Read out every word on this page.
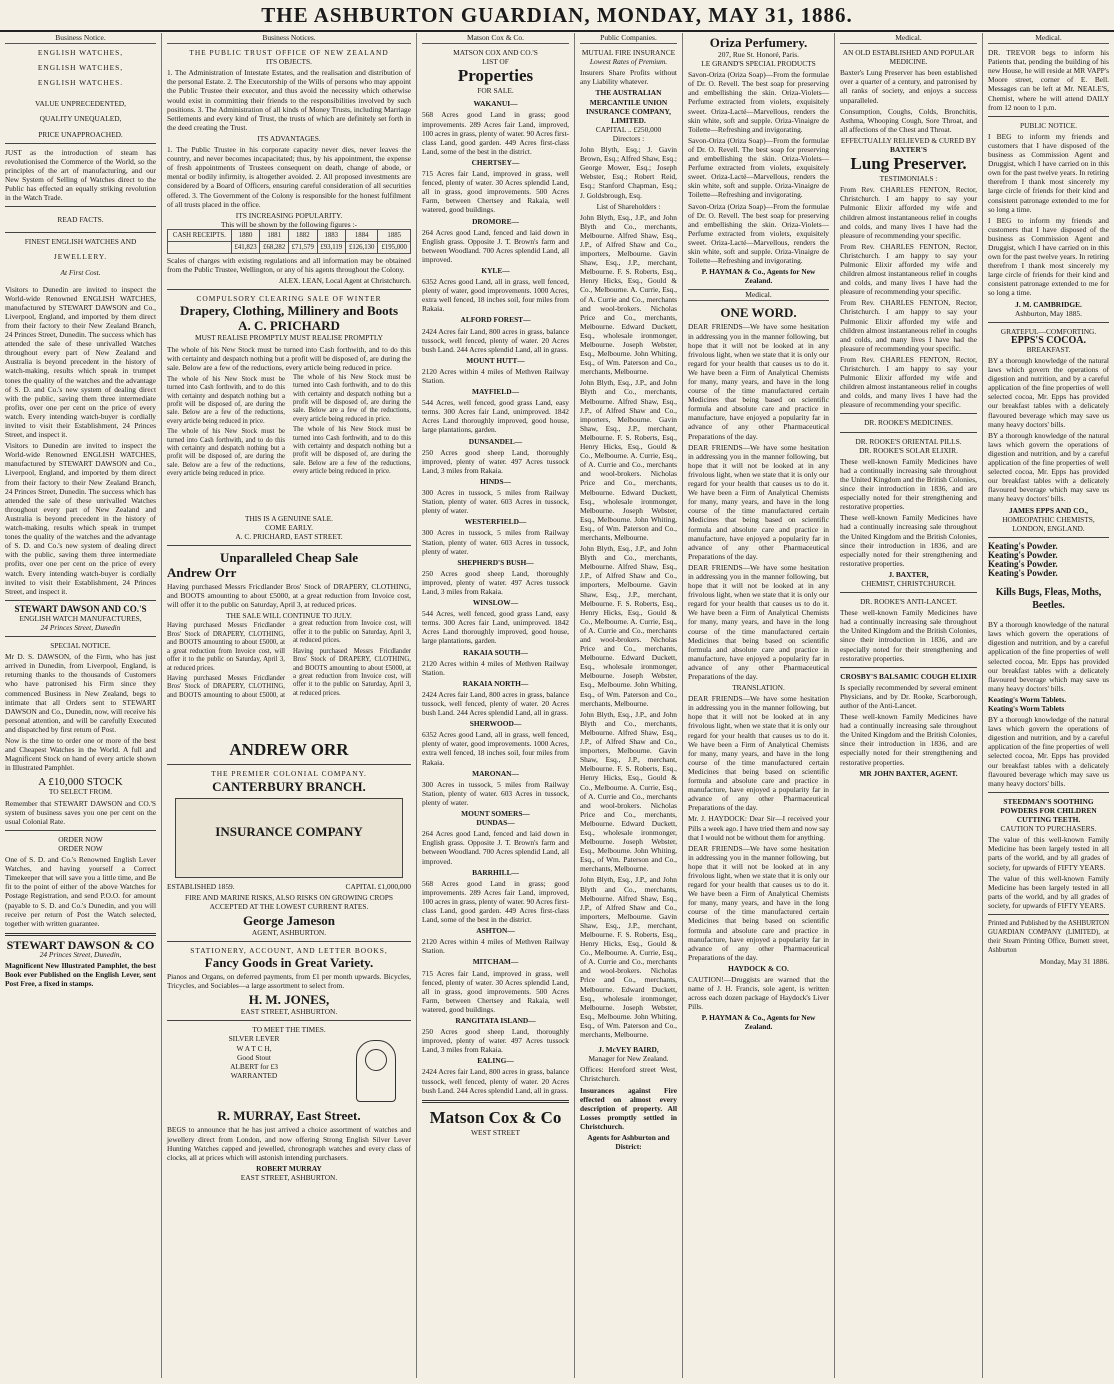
THE ASHBURTON GUARDIAN, MONDAY, MAY 31, 1886.
Business Notice.
ENGLISH WATCHES,
ENGLISH WATCHES,
ENGLISH WATCHES.
VALUE UNPRECEDENTED,
QUALITY UNEQUALED,
PRICE UNAPPROACHED.

JUST as the introduction of steam has revolutionised the Commerce of the World, so the principles of the art of manufacturing, and our New System of Selling of Watches direct to the Public has effected an equally striking revolution in the Watch Trade.

READ FACTS.
FINEST ENGLISH WATCHES AND
JEWELLERY.
At First Cost.

Visitors to Dunedin are invited to inspect the World-wide Renowned ENGLISH WATCHES, manufactured by STEWART DAWSON and Co., Liverpool, England, and imported by them direct from their factory to their New Zealand Branch, 24 Princes Street, Dunedin. The success which has attended the sale of these unrivalled Watches throughout every part of New Zealand and Australia is beyond precedent in the history of watch-making, results which speak in trumpet tones the quality of the watches and the advantage of S. D. and Co.'s new system of dealing direct with the public, saving them three intermediate profits, over one per cent on the price of every watch. Every intending watch-buyer is cordially invited to visit their Establishment, 24 Princes Street, and inspect it.

Visitors to Dunedin are invited to inspect the World-wide Renowned ENGLISH WATCHES, manufactured by STEWART DAWSON and Co., Liverpool, England, and imported by them direct from their factory to their New Zealand Branch, 24 Princes Street, Dunedin. The success which has attended the sale of these unrivalled Watches throughout every part of New Zealand and Australia is beyond precedent in the history of watch-making, results which speak in trumpet tones the quality of the watches and the advantage of S. D. and Co.'s new system of dealing direct with the public, saving them three intermediate profits, over one per cent on the price of every watch. Every intending watch-buyer is cordially invited to visit their Establishment, 24 Princes Street, and inspect it.

STEWART DAWSON AND CO.'S
ENGLISH WATCH MANUFACTURES,
24 Princes Street, Dunedin
SPECIAL NOTICE.

Mr D. S. DAWSON, of the Firm, who has just arrived in Dunedin, from Liverpool, England, is returning thanks to the thousands of Customers who have patronised his Firm since they commenced Business in New Zealand, begs to intimate that all Orders sent to STEWART DAWSON and Co., Dunedin, now, will receive his personal attention, and will be carefully Executed and dispatched by first return of Post.

Now is the time to order one or more of the best and Cheapest Watches in the World. A full and Magnificent Stock on hand of every article shown in Illustrated Pamphlet.

A £10,000 STOCK
TO SELECT FROM.

Remember that STEWART DAWSON and CO.'S system of business saves you one per cent on the usual Colonial Rate.

ORDER NOW
ORDER NOW

One of S. D. and Co.'s Renowned English Lever Watches, and having yourself a Correct Timekeeper that will save you a little time, and Be fit to the point of either of the above Watches for Postage Registration, and send P.O.O. for amount (payable to S. D. and Co.'s Dunedin, and you will receive per return of Post the Watch selected, together with written guarantee.

STEWART DAWSON & CO
24 Princes Street, Dunedin,

Magnificent New Illustrated Pamphlet, the best Book ever Published on the English Lever, sent Post Free, a fixed in stamps.

Business Notices.
THE PUBLIC TRUST OFFICE OF NEW ZEALAND
ITS OBJECTS.

1. The Administration of Intestate Estates, and the realisation and distribution of the personal Estate. 2. The Executorship of the Wills of persons who may appoint the Public Trustee their executor, and thus avoid the necessity which otherwise would exist in committing their friends to the responsibilities involved by such positions. 3. The Administration of all kinds of Money Trusts, including Marriage Settlements and every kind of Trust, the trusts of which are definitely set forth in the deed creating the Trust.

ITS ADVANTAGES.

1. The Public Trustee in his corporate capacity never dies, never leaves the country, and never becomes incapacitated; thus, by his appointment, the expense of fresh appointments of Trustees consequent on death, change of abode, or mental or bodily infirmity, is altogether avoided. 2. All proposed investments are considered by a Board of Officers, ensuring careful consideration of all securities offered. 3. The Government of the Colony is responsible for the honest fulfilment of all trusts placed in the office.

ITS INCREASING POPULARITY.
This will be shown by the following figures :-
CASH RECEIPTS.	1880	1881	1882	1883	1884	1885
	£41,823	£68,282	£71,579	£93,119	£126,130	£195,000

Scales of charges with existing regulations and all information may be obtained from the Public Trustee, Wellington, or any of his agents throughout the Colony.

ALEX. LEAN, Local Agent at Christchurch.
COMPULSORY CLEARING SALE OF WINTER
Drapery, Clothing, Millinery and Boots
A. C. PRICHARD
MUST REALISE PROMPTLY MUST REALISE PROMPTLY

The whole of his New Stock must be turned into Cash forthwith, and to do this with certainty and despatch nothing but a profit will be disposed of, are during the sale. Below are a few of the reductions, every article being reduced in price.

The whole of his New Stock must be turned into Cash forthwith, and to do this with certainty and despatch nothing but a profit will be disposed of, are during the sale. Below are a few of the reductions, every article being reduced in price.

The whole of his New Stock must be turned into Cash forthwith, and to do this with certainty and despatch nothing but a profit will be disposed of, are during the sale. Below are a few of the reductions, every article being reduced in price.

The whole of his New Stock must be turned into Cash forthwith, and to do this with certainty and despatch nothing but a profit will be disposed of, are during the sale. Below are a few of the reductions, every article being reduced in price.

The whole of his New Stock must be turned into Cash forthwith, and to do this with certainty and despatch nothing but a profit will be disposed of, are during the sale. Below are a few of the reductions, every article being reduced in price.

THIS IS A GENUINE SALE.
COME EARLY.
A. C. PRICHARD, EAST STREET.
Unparalleled Cheap Sale
Andrew Orr

Having purchased Messrs Fricdlander Bros' Stock of DRAPERY, CLOTHING, and BOOTS amounting to about £5000, at a great reduction from Invoice cost, will offer it to the public on Saturday, April 3, at reduced prices.

THE SALE WILL CONTINUE TO JULY.

Having purchased Messrs Fricdlander Bros' Stock of DRAPERY, CLOTHING, and BOOTS amounting to about £5000, at a great reduction from Invoice cost, will offer it to the public on Saturday, April 3, at reduced prices.

Having purchased Messrs Fricdlander Bros' Stock of DRAPERY, CLOTHING, and BOOTS amounting to about £5000, at a great reduction from Invoice cost, will offer it to the public on Saturday, April 3, at reduced prices.

Having purchased Messrs Fricdlander Bros' Stock of DRAPERY, CLOTHING, and BOOTS amounting to about £5000, at a great reduction from Invoice cost, will offer it to the public on Saturday, April 3, at reduced prices.

ANDREW ORR
THE PREMIER COLONIAL COMPANY.
CANTERBURY BRANCH.
INSURANCE COMPANY
ESTABLISHED 1859.	CAPITAL £1,000,000

FIRE AND MARINE RISKS, ALSO RISKS ON GROWING CROPS ACCEPTED AT THE LOWEST CURRENT RATES.

George Jameson
AGENT, ASHBURTON.
STATIONERY, ACCOUNT, AND LETTER BOOKS,
Fancy Goods in Great Variety.

Pianos and Organs, on deferred payments, from £1 per month upwards. Bicycles, Tricycles, and Sociables—a large assortment to select from.

H. M. JONES,
EAST STREET, ASHBURTON.
TO MEET THE TIMES.
SILVER LEVER
W A T C H,
Good Stout
ALBERT for £3
WARRANTED
R. MURRAY, East Street.

BEGS to announce that he has just arrived a choice assortment of watches and jewellery direct from London, and now offering Strong English Silver Lever Hunting Watches capped and jewelled, chronograph watches and every class of clocks, all at prices which will astonish intending purchasers.

ROBERT MURRAY
EAST STREET, ASHBURTON.
Matson Cox & Co.
MATSON COX AND CO.'S
LIST OF
Properties
FOR SALE.
WAKANUI—

568 Acres good Land in grass; good improvements. 289 Acres fair Land, improved, 100 acres in grass, plenty of water. 90 Acres first-class Land, good garden. 449 Acres first-class Land, some of the best in the district.

CHERTSEY—

715 Acres fair Land, improved in grass, well fenced, plenty of water. 30 Acres splendid Land, all in grass, good improvements. 500 Acres Farm, between Chertsey and Rakaia, well watered, good buildings.

DROMORE—

264 Acres good Land, fenced and laid down in English grass. Opposite J. T. Brown's farm and between Woodland. 700 Acres splendid Land, all improved.

KYLE—

6352 Acres good Land, all in grass, well fenced, plenty of water, good improvements. 1000 Acres, extra well fenced, 18 inches soil, four miles from Rakaia.

ALFORD FOREST—

2424 Acres fair Land, 800 acres in grass, balance tussock, well fenced, plenty of water. 20 Acres bush Land. 244 Acres splendid Land, all in grass.

MOUNT HUTT—

2120 Acres within 4 miles of Methven Railway Station.

MAYFIELD—

544 Acres, well fenced, good grass Land, easy terms. 300 Acres fair Land, unimproved. 1842 Acres Land thoroughly improved, good house, large plantations, garden.

DUNSANDEL—

250 Acres good sheep Land, thoroughly improved, plenty of water. 497 Acres tussock Land, 3 miles from Rakaia.

HINDS—

300 Acres in tussock, 5 miles from Railway Station, plenty of water. 603 Acres in tussock, plenty of water.

WESTERFIELD—

300 Acres in tussock, 5 miles from Railway Station, plenty of water. 603 Acres in tussock, plenty of water.

SHEPHERD'S BUSH—

250 Acres good sheep Land, thoroughly improved, plenty of water. 497 Acres tussock Land, 3 miles from Rakaia.

WINSLOW—

544 Acres, well fenced, good grass Land, easy terms. 300 Acres fair Land, unimproved. 1842 Acres Land thoroughly improved, good house, large plantations, garden.

RAKAIA SOUTH—

2120 Acres within 4 miles of Methven Railway Station.

RAKAIA NORTH—

2424 Acres fair Land, 800 acres in grass, balance tussock, well fenced, plenty of water. 20 Acres bush Land. 244 Acres splendid Land, all in grass.

SHERWOOD—

6352 Acres good Land, all in grass, well fenced, plenty of water, good improvements. 1000 Acres, extra well fenced, 18 inches soil, four miles from Rakaia.

MARONAN—

300 Acres in tussock, 5 miles from Railway Station, plenty of water. 603 Acres in tussock, plenty of water.

MOUNT SOMERS—
DUNDAS—

264 Acres good Land, fenced and laid down in English grass. Opposite J. T. Brown's farm and between Woodland. 700 Acres splendid Land, all improved.

BARRHILL—

568 Acres good Land in grass; good improvements. 289 Acres fair Land, improved, 100 acres in grass, plenty of water. 90 Acres first-class Land, good garden. 449 Acres first-class Land, some of the best in the district.

ASHTON—

2120 Acres within 4 miles of Methven Railway Station.

MITCHAM—

715 Acres fair Land, improved in grass, well fenced, plenty of water. 30 Acres splendid Land, all in grass, good improvements. 500 Acres Farm, between Chertsey and Rakaia, well watered, good buildings.

RANGITATA ISLAND—

250 Acres good sheep Land, thoroughly improved, plenty of water. 497 Acres tussock Land, 3 miles from Rakaia.

EALING—

2424 Acres fair Land, 800 acres in grass, balance tussock, well fenced, plenty of water. 20 Acres bush Land. 244 Acres splendid Land, all in grass.

Matson Cox & Co
WEST STREET
Public Companies.
MUTUAL FIRE INSURANCE
Lowest Rates of Premium.

Insurers Share Profits without any Liability whatever.

THE AUSTRALIAN MERCANTILE UNION INSURANCE COMPANY, LIMITED.
CAPITAL .. £250,000
Directors :

John Blyth, Esq.; J. Gavin Brown, Esq.; Alfred Shaw, Esq.; George Mower, Esq.; Joseph Webster, Esq.; Robert Reid, Esq.; Stanford Chapman, Esq.; J. Goldsbrough, Esq.

List of Shareholders :

John Blyth, Esq., J.P., and John Blyth and Co., merchants, Melbourne. Alfred Shaw, Esq., J.P., of Alfred Shaw and Co., importers, Melbourne. Gavin Shaw, Esq., J.P., merchant, Melbourne. F. S. Roberts, Esq., Henry Hicks, Esq., Gould & Co., Melbourne. A. Currie, Esq., of A. Currie and Co., merchants and wool-brokers. Nicholas Price and Co., merchants, Melbourne. Edward Duckett, Esq., wholesale ironmonger, Melbourne. Joseph Webster, Esq., Melbourne. John Whiting, Esq., of Wm. Paterson and Co., merchants, Melbourne.

John Blyth, Esq., J.P., and John Blyth and Co., merchants, Melbourne. Alfred Shaw, Esq., J.P., of Alfred Shaw and Co., importers, Melbourne. Gavin Shaw, Esq., J.P., merchant, Melbourne. F. S. Roberts, Esq., Henry Hicks, Esq., Gould & Co., Melbourne. A. Currie, Esq., of A. Currie and Co., merchants and wool-brokers. Nicholas Price and Co., merchants, Melbourne. Edward Duckett, Esq., wholesale ironmonger, Melbourne. Joseph Webster, Esq., Melbourne. John Whiting, Esq., of Wm. Paterson and Co., merchants, Melbourne.

John Blyth, Esq., J.P., and John Blyth and Co., merchants, Melbourne. Alfred Shaw, Esq., J.P., of Alfred Shaw and Co., importers, Melbourne. Gavin Shaw, Esq., J.P., merchant, Melbourne. F. S. Roberts, Esq., Henry Hicks, Esq., Gould & Co., Melbourne. A. Currie, Esq., of A. Currie and Co., merchants and wool-brokers. Nicholas Price and Co., merchants, Melbourne. Edward Duckett, Esq., wholesale ironmonger, Melbourne. Joseph Webster, Esq., Melbourne. John Whiting, Esq., of Wm. Paterson and Co., merchants, Melbourne.

John Blyth, Esq., J.P., and John Blyth and Co., merchants, Melbourne. Alfred Shaw, Esq., J.P., of Alfred Shaw and Co., importers, Melbourne. Gavin Shaw, Esq., J.P., merchant, Melbourne. F. S. Roberts, Esq., Henry Hicks, Esq., Gould & Co., Melbourne. A. Currie, Esq., of A. Currie and Co., merchants and wool-brokers. Nicholas Price and Co., merchants, Melbourne. Edward Duckett, Esq., wholesale ironmonger, Melbourne. Joseph Webster, Esq., Melbourne. John Whiting, Esq., of Wm. Paterson and Co., merchants, Melbourne.

John Blyth, Esq., J.P., and John Blyth and Co., merchants, Melbourne. Alfred Shaw, Esq., J.P., of Alfred Shaw and Co., importers, Melbourne. Gavin Shaw, Esq., J.P., merchant, Melbourne. F. S. Roberts, Esq., Henry Hicks, Esq., Gould & Co., Melbourne. A. Currie, Esq., of A. Currie and Co., merchants and wool-brokers. Nicholas Price and Co., merchants, Melbourne. Edward Duckett, Esq., wholesale ironmonger, Melbourne. Joseph Webster, Esq., Melbourne. John Whiting, Esq., of Wm. Paterson and Co., merchants, Melbourne.

J. McVEY BAIRD,
Manager for New Zealand.

Offices: Hereford street West, Christchurch.

Insurances against Fire effected on almost every description of property. All Losses promptly settled in Christchurch.

Agents for Ashburton and District:
Oriza Perfumery.
207, Rue St. Honoré, Paris.
LE GRAND'S SPECIAL PRODUCTS

Savon-Oriza (Oriza Soap)—From the formulae of Dr. O. Revell. The best soap for preserving and embellishing the skin. Oriza-Violets—Perfume extracted from violets, exquisitely sweet. Oriza-Lacté—Marvellous, renders the skin white, soft and supple. Oriza-Vinaigre de Toilette—Refreshing and invigorating.

Savon-Oriza (Oriza Soap)—From the formulae of Dr. O. Revell. The best soap for preserving and embellishing the skin. Oriza-Violets—Perfume extracted from violets, exquisitely sweet. Oriza-Lacté—Marvellous, renders the skin white, soft and supple. Oriza-Vinaigre de Toilette—Refreshing and invigorating.

Savon-Oriza (Oriza Soap)—From the formulae of Dr. O. Revell. The best soap for preserving and embellishing the skin. Oriza-Violets—Perfume extracted from violets, exquisitely sweet. Oriza-Lacté—Marvellous, renders the skin white, soft and supple. Oriza-Vinaigre de Toilette—Refreshing and invigorating.

P. HAYMAN & Co., Agents for New Zealand.
Medical.
ONE WORD.

DEAR FRIENDS—We have some hesitation in addressing you in the manner following, but hope that it will not be looked at in any frivolous light, when we state that it is only our regard for your health that causes us to do it. We have been a Firm of Analytical Chemists for many, many years, and have in the long course of the time manufactured certain Medicines that being based on scientific formula and absolute care and practice in manufacture, have enjoyed a popularity far in advance of any other Pharmaceutical Preparations of the day.

DEAR FRIENDS—We have some hesitation in addressing you in the manner following, but hope that it will not be looked at in any frivolous light, when we state that it is only our regard for your health that causes us to do it. We have been a Firm of Analytical Chemists for many, many years, and have in the long course of the time manufactured certain Medicines that being based on scientific formula and absolute care and practice in manufacture, have enjoyed a popularity far in advance of any other Pharmaceutical Preparations of the day.

DEAR FRIENDS—We have some hesitation in addressing you in the manner following, but hope that it will not be looked at in any frivolous light, when we state that it is only our regard for your health that causes us to do it. We have been a Firm of Analytical Chemists for many, many years, and have in the long course of the time manufactured certain Medicines that being based on scientific formula and absolute care and practice in manufacture, have enjoyed a popularity far in advance of any other Pharmaceutical Preparations of the day.

TRANSLATION.

DEAR FRIENDS—We have some hesitation in addressing you in the manner following, but hope that it will not be looked at in any frivolous light, when we state that it is only our regard for your health that causes us to do it. We have been a Firm of Analytical Chemists for many, many years, and have in the long course of the time manufactured certain Medicines that being based on scientific formula and absolute care and practice in manufacture, have enjoyed a popularity far in advance of any other Pharmaceutical Preparations of the day.

Mr. J. HAYDOCK: Dear Sir—I received your Pills a week ago. I have tried them and now say that I would not be without them for anything.

DEAR FRIENDS—We have some hesitation in addressing you in the manner following, but hope that it will not be looked at in any frivolous light, when we state that it is only our regard for your health that causes us to do it. We have been a Firm of Analytical Chemists for many, many years, and have in the long course of the time manufactured certain Medicines that being based on scientific formula and absolute care and practice in manufacture, have enjoyed a popularity far in advance of any other Pharmaceutical Preparations of the day.

HAYDOCK & CO.

CAUTION!—Druggists are warned that the name of J. H. Francis, sole agent, is written across each dozen package of Haydock's Liver Pills.

P. HAYMAN & Co., Agents for New Zealand.
Medical.
AN OLD ESTABLISHED AND POPULAR MEDICINE.

Baxter's Lung Preserver has been established over a quarter of a century, and patronised by all ranks of society, and enjoys a success unparalleled.

Consumption, Coughs, Colds, Bronchitis, Asthma, Whooping Cough, Sore Throat, and all affections of the Chest and Throat.

EFFECTUALLY RELIEVED & CURED BY
BAXTER'S
Lung Preserver.
TESTIMONIALS :

From Rev. CHARLES FENTON, Rector, Christchurch. I am happy to say your Pulmonic Elixir afforded my wife and children almost instantaneous relief in coughs and colds, and many lives I have had the pleasure of recommending your specific.

From Rev. CHARLES FENTON, Rector, Christchurch. I am happy to say your Pulmonic Elixir afforded my wife and children almost instantaneous relief in coughs and colds, and many lives I have had the pleasure of recommending your specific.

From Rev. CHARLES FENTON, Rector, Christchurch. I am happy to say your Pulmonic Elixir afforded my wife and children almost instantaneous relief in coughs and colds, and many lives I have had the pleasure of recommending your specific.

From Rev. CHARLES FENTON, Rector, Christchurch. I am happy to say your Pulmonic Elixir afforded my wife and children almost instantaneous relief in coughs and colds, and many lives I have had the pleasure of recommending your specific.

DR. ROOKE'S MEDICINES.
DR. ROOKE'S ORIENTAL PILLS.
DR. ROOKE'S SOLAR ELIXIR.

These well-known Family Medicines have had a continually increasing sale throughout the United Kingdom and the British Colonies, since their introduction in 1836, and are especially noted for their strengthening and restorative properties.

These well-known Family Medicines have had a continually increasing sale throughout the United Kingdom and the British Colonies, since their introduction in 1836, and are especially noted for their strengthening and restorative properties.

J. BAXTER,
CHEMIST, CHRISTCHURCH.
DR. ROOKE'S ANTI-LANCET.

These well-known Family Medicines have had a continually increasing sale throughout the United Kingdom and the British Colonies, since their introduction in 1836, and are especially noted for their strengthening and restorative properties.

CROSBY'S BALSAMIC COUGH ELIXIR

Is specially recommended by several eminent Physicians, and by Dr. Rooke, Scarborough, author of the Anti-Lancet.

These well-known Family Medicines have had a continually increasing sale throughout the United Kingdom and the British Colonies, since their introduction in 1836, and are especially noted for their strengthening and restorative properties.

MR JOHN BAXTER, AGENT.
Medical.

DR. TREVOR begs to inform his Patients that, pending the building of his new House, he will reside at MR VAPP's Moore street, corner of E. Bell. Messages can be left at Mr. NEALE'S, Chemist, where he will attend DAILY from 12 noon to 1 p.m.

PUBLIC NOTICE.

I BEG to inform my friends and customers that I have disposed of the business as Commission Agent and Druggist, which I have carried on in this own for the past twelve years. In retiring therefrom I thank most sincerely my large circle of friends for their kind and consistent patronage extended to me for so long a time.

I BEG to inform my friends and customers that I have disposed of the business as Commission Agent and Druggist, which I have carried on in this own for the past twelve years. In retiring therefrom I thank most sincerely my large circle of friends for their kind and consistent patronage extended to me for so long a time.

J. M. CAMBRIDGE.
Ashburton, May 1885.
GRATEFUL—COMFORTING.
EPPS'S COCOA.
BREAKFAST.

BY a thorough knowledge of the natural laws which govern the operations of digestion and nutrition, and by a careful application of the fine properties of well selected cocoa, Mr. Epps has provided our breakfast tables with a delicately flavoured beverage which may save us many heavy doctors' bills.

BY a thorough knowledge of the natural laws which govern the operations of digestion and nutrition, and by a careful application of the fine properties of well selected cocoa, Mr. Epps has provided our breakfast tables with a delicately flavoured beverage which may save us many heavy doctors' bills.

JAMES EPPS AND CO.,
HOMEOPATHIC CHEMISTS,
LONDON, ENGLAND.
Keating's Powder.
Keating's Powder.
Keating's Powder.
Keating's Powder.
Kills Bugs, Fleas, Moths, Beetles.

BY a thorough knowledge of the natural laws which govern the operations of digestion and nutrition, and by a careful application of the fine properties of well selected cocoa, Mr. Epps has provided our breakfast tables with a delicately flavoured beverage which may save us many heavy doctors' bills.

Keating's Worm Tablets.
Keating's Worm Tablets

BY a thorough knowledge of the natural laws which govern the operations of digestion and nutrition, and by a careful application of the fine properties of well selected cocoa, Mr. Epps has provided our breakfast tables with a delicately flavoured beverage which may save us many heavy doctors' bills.

STEEDMAN'S SOOTHING POWDERS FOR CHILDREN CUTTING TEETH.
CAUTION TO PURCHASERS.

The value of this well-known Family Medicine has been largely tested in all parts of the world, and by all grades of society, for upwards of FIFTY YEARS.

The value of this well-known Family Medicine has been largely tested in all parts of the world, and by all grades of society, for upwards of FIFTY YEARS.

Printed and Published by the ASHBURTON GUARDIAN COMPANY (LIMITED), at their Steam Printing Office, Burnett street, Ashburton

Monday, May 31 1886.
